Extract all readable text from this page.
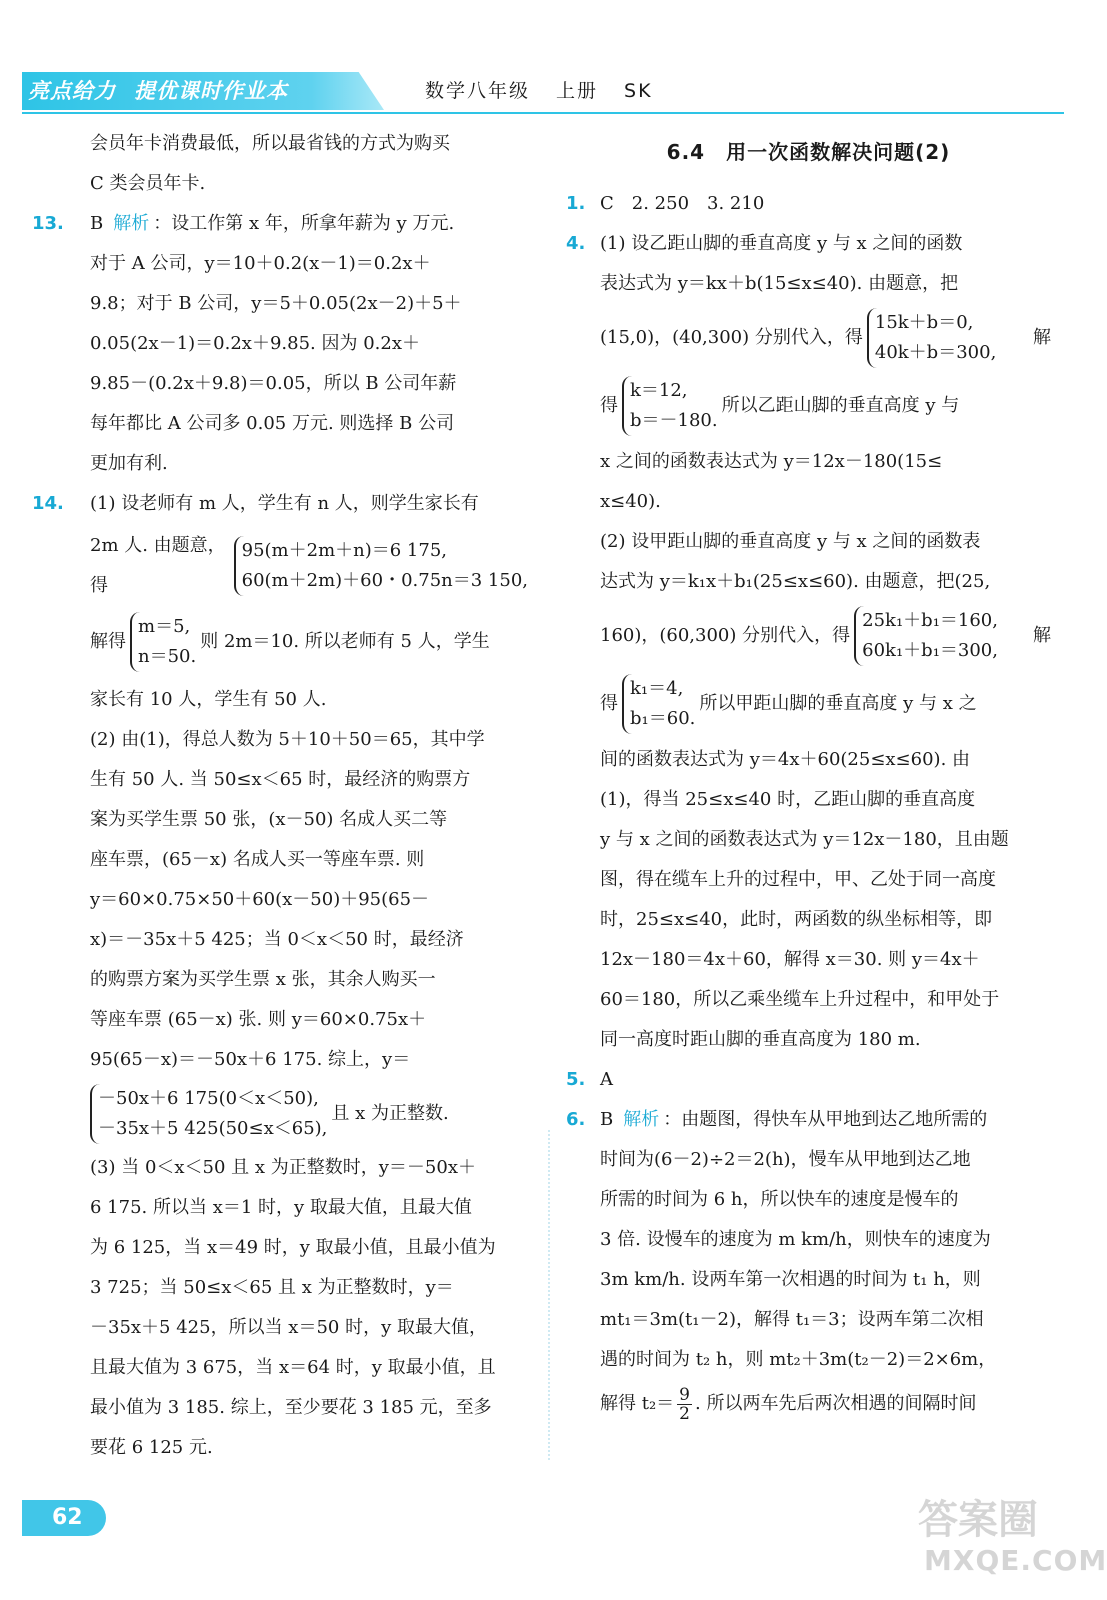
亮点给力 提优课时作业本	数学八年级 上册 SK

会员年卡消费最低，所以最省钱的方式为购买

C 类会员年卡.

13. B 解析 ：设工作第 x 年，所拿年薪为 y 万元.

对于 A 公司，y＝10＋0.2(x－1)＝0.2x＋

9.8；对于 B 公司，y＝5＋0.05(2x－2)＋5＋

0.05(2x－1)＝0.2x＋9.85. 因为 0.2x＋

9.85－(0.2x＋9.8)＝0.05，所以 B 公司年薪

每年都比 A 公司多 0.05 万元. 则选择 B 公司

更加有利.

14. (1) 设老师有 m 人，学生有 n 人，则学生家长有

2m 人. 由题意，得
95(m＋2m＋n)＝6 175,
60(m＋2m)＋60・0.75n＝3 150,
解得
m＝5,
n＝50.
则 2m＝10. 所以老师有 5 人，学生

家长有 10 人，学生有 50 人.

(2) 由(1)，得总人数为 5＋10＋50＝65，其中学

生有 50 人. 当 50≤x＜65 时，最经济的购票方

案为买学生票 50 张，(x－50) 名成人买二等

座车票，(65－x) 名成人买一等座车票. 则

y＝60×0.75×50＋60(x－50)＋95(65－

x)＝－35x＋5 425；当 0＜x＜50 时，最经济

的购票方案为买学生票 x 张，其余人购买一

等座车票 (65－x) 张. 则 y＝60×0.75x＋

95(65－x)＝－50x＋6 175. 综上，y＝

－50x＋6 175(0＜x＜50),
－35x＋5 425(50≤x＜65),
且 x 为正整数.

(3) 当 0＜x＜50 且 x 为正整数时，y＝－50x＋

6 175. 所以当 x＝1 时，y 取最大值，且最大值

为 6 125，当 x＝49 时，y 取最小值，且最小值为

3 725；当 50≤x＜65 且 x 为正整数时，y＝

－35x＋5 425，所以当 x＝50 时，y 取最大值，

且最大值为 3 675，当 x＝64 时，y 取最小值，且

最小值为 3 185. 综上，至少要花 3 185 元，至多

要花 6 125 元.

6.4　用一次函数解决问题(2)

1. C　2. 250　3. 210

4. (1) 设乙距山脚的垂直高度 y 与 x 之间的函数

表达式为 y＝kx＋b(15≤x≤40). 由题意，把

(15,0)，(40,300) 分别代入，得
15k＋b＝0,
40k＋b＝300,
解
得
k＝12,
b＝－180.
所以乙距山脚的垂直高度 y 与

x 之间的函数表达式为 y＝12x－180(15≤

x≤40).

(2) 设甲距山脚的垂直高度 y 与 x 之间的函数表

达式为 y＝k₁x＋b₁(25≤x≤60). 由题意，把(25,

160)，(60,300) 分别代入，得
25k₁＋b₁＝160,
60k₁＋b₁＝300,
解
得
k₁＝4,
b₁＝60.
所以甲距山脚的垂直高度 y 与 x 之

间的函数表达式为 y＝4x＋60(25≤x≤60). 由

(1)，得当 25≤x≤40 时，乙距山脚的垂直高度

y 与 x 之间的函数表达式为 y＝12x－180，且由题

图，得在缆车上升的过程中，甲、乙处于同一高度

时，25≤x≤40，此时，两函数的纵坐标相等，即

12x－180＝4x＋60，解得 x＝30. 则 y＝4x＋

60＝180，所以乙乘坐缆车上升过程中，和甲处于

同一高度时距山脚的垂直高度为 180 m.

5. A

6. B 解析 ：由题图，得快车从甲地到达乙地所需的

时间为(6－2)÷2＝2(h)，慢车从甲地到达乙地

所需的时间为 6 h，所以快车的速度是慢车的

3 倍. 设慢车的速度为 m km/h，则快车的速度为

3m km/h. 设两车第一次相遇的时间为 t₁ h，则

mt₁＝3m(t₁－2)，解得 t₁＝3；设两车第二次相

遇的时间为 t₂ h，则 mt₂＋3m(t₂－2)＝2×6m，

解得 $t_2= \frac{9}{2}$ . 所以两车先后两次相遇的间隔时间

62	答案圈
MXQE.COM
